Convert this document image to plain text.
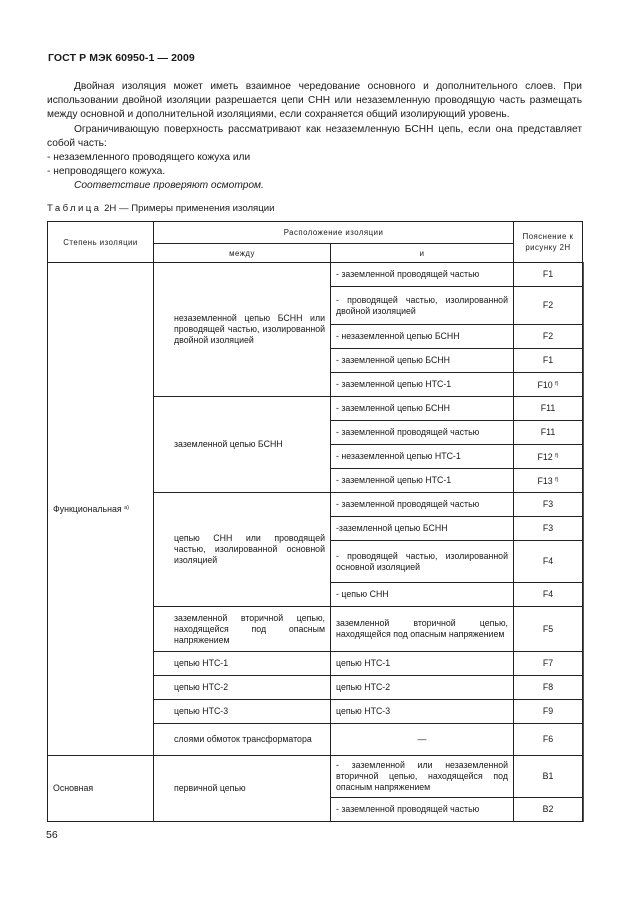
ГОСТ Р МЭК 60950-1 — 2009

Двойная изоляция может иметь взаимное чередование основного и дополнительного слоев. При использовании двойной изоляции разрешается цепи СНН или незаземленную проводящую часть размещать между основной и дополнительной изоляциями, если сохраняется общий изолирующий уровень.

Ограничивающую поверхность рассматривают как незаземленную БСНН цепь, если она представляет собой часть:

- незаземленного проводящего кожуха или

- непроводящего кожуха.

Соответствие проверяют осмотром.

Таблица 2Н — Примеры применения изоляции
Степень изоляции	Расположение изоляции		Пояснение к рисунку 2Н
	между	и	
Функциональная $^{a)}$	незаземленной цепью БСНН или проводящей частью, изолированной двойной изоляцией	- заземленной проводящей частью	F1
		- проводящей частью, изолированной двойной изоляцией	F2
		- незаземленной цепью БСНН	F2
		- заземленной цепью БСНН	F1
		- заземленной цепью НТС-1	F10 $^{f)}$
	заземленной цепью БСНН	- заземленной цепью БСНН	F11
		- заземленной проводящей частью	F11
		- незаземленной цепью НТС-1	F12 $^{f)}$
		- заземленной цепью НТС-1	F13 $^{f)}$
	цепью СНН или проводящей частью, изолированной основной изоляцией	- заземленной проводящей частью	F3
		-заземленной цепью БСНН	F3
		- проводящей частью, изолированной основной изоляцией	F4
		- цепью СНН	F4
	заземленной вторичной цепью, находящейся под опасным напряжением	заземленной вторичной цепью, находящейся под опасным напряжением	F5
	цепью НТС-1	цепью НТС-1	F7
	цепью НТС-2	цепью НТС-2	F8
	цепью НТС-3	цепью НТС-3	F9
	слоями обмоток трансформатора	—	F6
Основная	первичной цепью	- заземленной или незаземленной вторичной цепью, находящейся под опасным напряжением	B1
		- заземленной проводящей частью	B2
56
